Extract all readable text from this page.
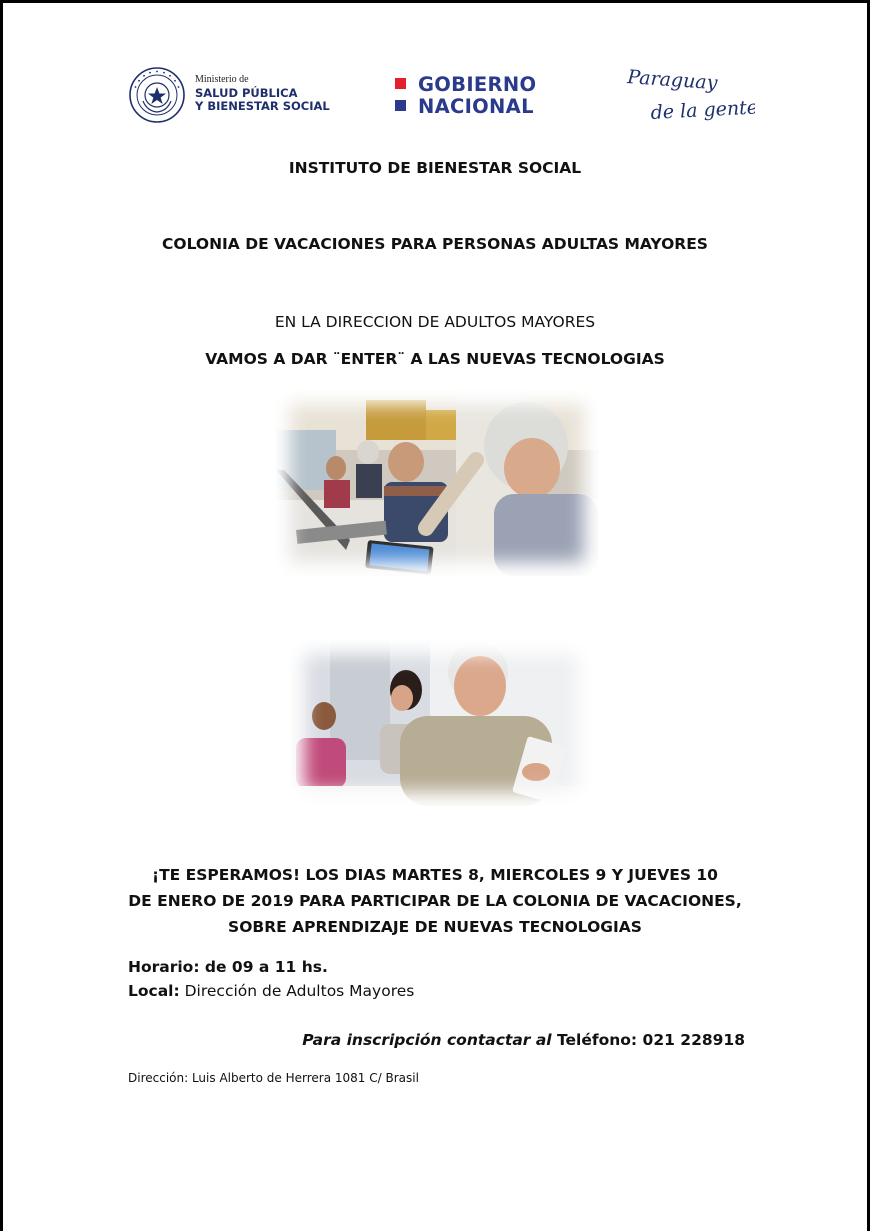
Ministerio de
SALUD PÚBLICA
Y BIENESTAR SOCIAL
GOBIERNO
NACIONAL
Paraguay
de la gente
INSTITUTO DE BIENESTAR SOCIAL
COLONIA DE VACACIONES PARA PERSONAS ADULTAS MAYORES
EN LA DIRECCION DE ADULTOS MAYORES
VAMOS A DAR ¨ENTER¨ A LAS NUEVAS TECNOLOGIAS
¡TE ESPERAMOS! LOS DIAS MARTES 8, MIERCOLES 9 Y JUEVES 10
DE ENERO DE 2019 PARA PARTICIPAR DE LA COLONIA DE VACACIONES,
SOBRE APRENDIZAJE DE NUEVAS TECNOLOGIAS
Horario: de 09 a 11 hs.
Local: Dirección de Adultos Mayores
Para inscripción contactar al Teléfono: 021 228918
Dirección: Luis Alberto de Herrera 1081 C/ Brasil
